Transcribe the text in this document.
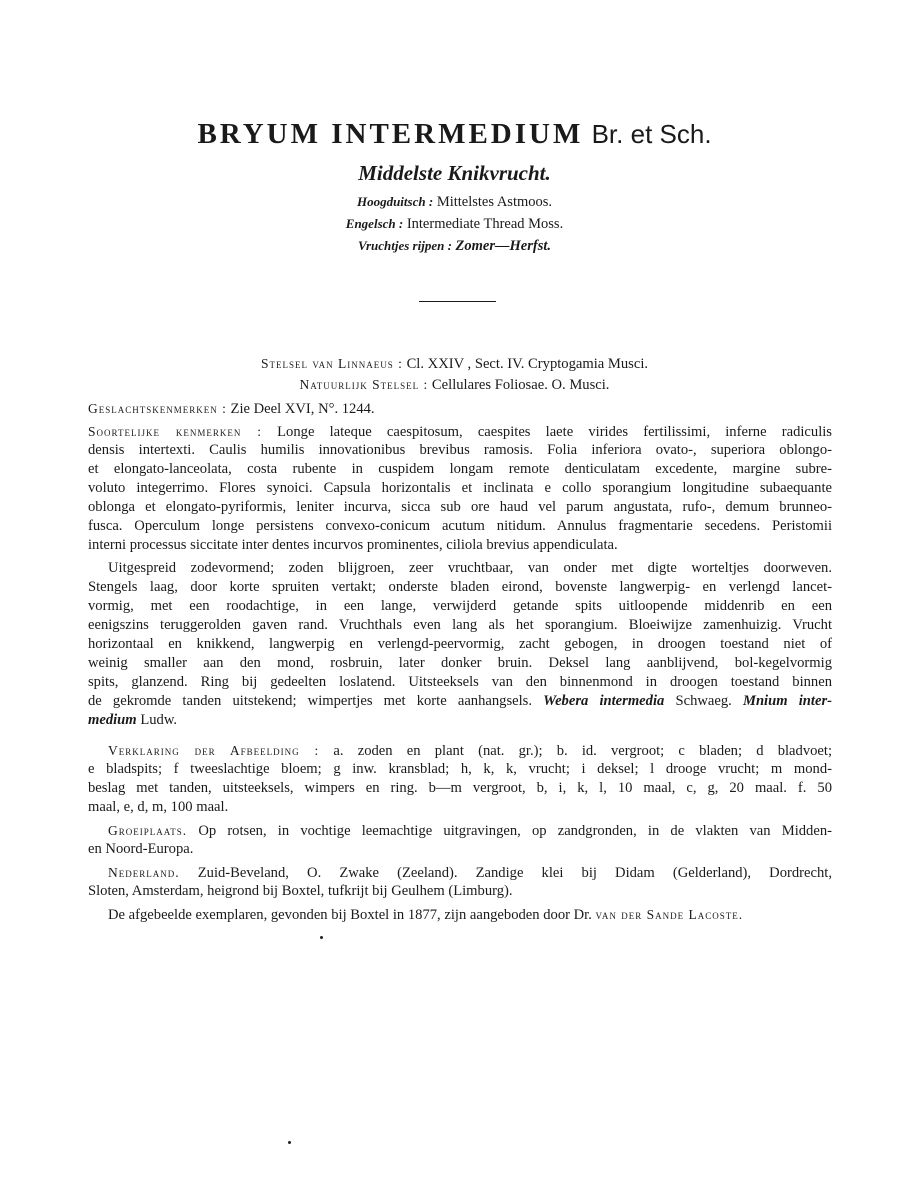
BRYUM INTERMEDIUM Br. et Sch.
Middelste Knikvrucht.
Hoogduitsch : Mittelstes Astmoos.
Engelsch : Intermediate Thread Moss.
Vruchtjes rijpen : Zomer—Herfst.
Stelsel van Linnaeus : Cl. XXIV , Sect. IV. Cryptogamia Musci.
Natuurlijk Stelsel : Cellulares Foliosae. O. Musci.
Geslachtskenmerken : Zie Deel XVI, N°. 1244.
Soortelijke kenmerken : Longe lateque caespitosum, caespites laete virides fertilissimi, inferne radiculis
densis intertexti. Caulis humilis innovationibus brevibus ramosis. Folia inferiora ovato-, superiora oblongo-
et elongato-lanceolata, costa rubente in cuspidem longam remote denticulatam excedente, margine subre-
voluto integerrimo. Flores synoici. Capsula horizontalis et inclinata e collo sporangium longitudine subaequante
oblonga et elongato-pyriformis, leniter incurva, sicca sub ore haud vel parum angustata, rufo-, demum brunneo-
fusca. Operculum longe persistens convexo-conicum acutum nitidum. Annulus fragmentarie secedens. Peristomii
interni processus siccitate inter dentes incurvos prominentes, ciliola brevius appendiculata.
Uitgespreid zodevormend; zoden blijgroen, zeer vruchtbaar, van onder met digte worteltjes doorweven.
Stengels laag, door korte spruiten vertakt; onderste bladen eirond, bovenste langwerpig- en verlengd lancet-
vormig, met een roodachtige, in een lange, verwijderd getande spits uitloopende middenrib en een
eenigszins teruggerolden gaven rand. Vruchthals even lang als het sporangium. Bloeiwijze zamenhuizig. Vrucht
horizontaal en knikkend, langwerpig en verlengd-peervormig, zacht gebogen, in droogen toestand niet of
weinig smaller aan den mond, rosbruin, later donker bruin. Deksel lang aanblijvend, bol-kegelvormig
spits, glanzend. Ring bij gedeelten loslatend. Uitsteeksels van den binnenmond in droogen toestand binnen
de gekromde tanden uitstekend; wimpertjes met korte aanhangsels. Webera intermedia Schwaeg. Mnium inter-
medium Ludw.
Verklaring der Afbeelding : a. zoden en plant (nat. gr.); b. id. vergroot; c bladen; d bladvoet;
e bladspits; f tweeslachtige bloem; g inw. kransblad; h, k, k, vrucht; i deksel; l drooge vrucht; m mond-
beslag met tanden, uitsteeksels, wimpers en ring. b—m vergroot, b, i, k, l, 10 maal, c, g, 20 maal. f. 50
maal, e, d, m, 100 maal.
Groeiplaats. Op rotsen, in vochtige leemachtige uitgravingen, op zandgronden, in de vlakten van Midden-
en Noord-Europa.
Nederland. Zuid-Beveland, O. Zwake (Zeeland). Zandige klei bij Didam (Gelderland), Dordrecht,
Sloten, Amsterdam, heigrond bij Boxtel, tufkrijt bij Geulhem (Limburg).
De afgebeelde exemplaren, gevonden bij Boxtel in 1877, zijn aangeboden door Dr. van der Sande Lacoste.
